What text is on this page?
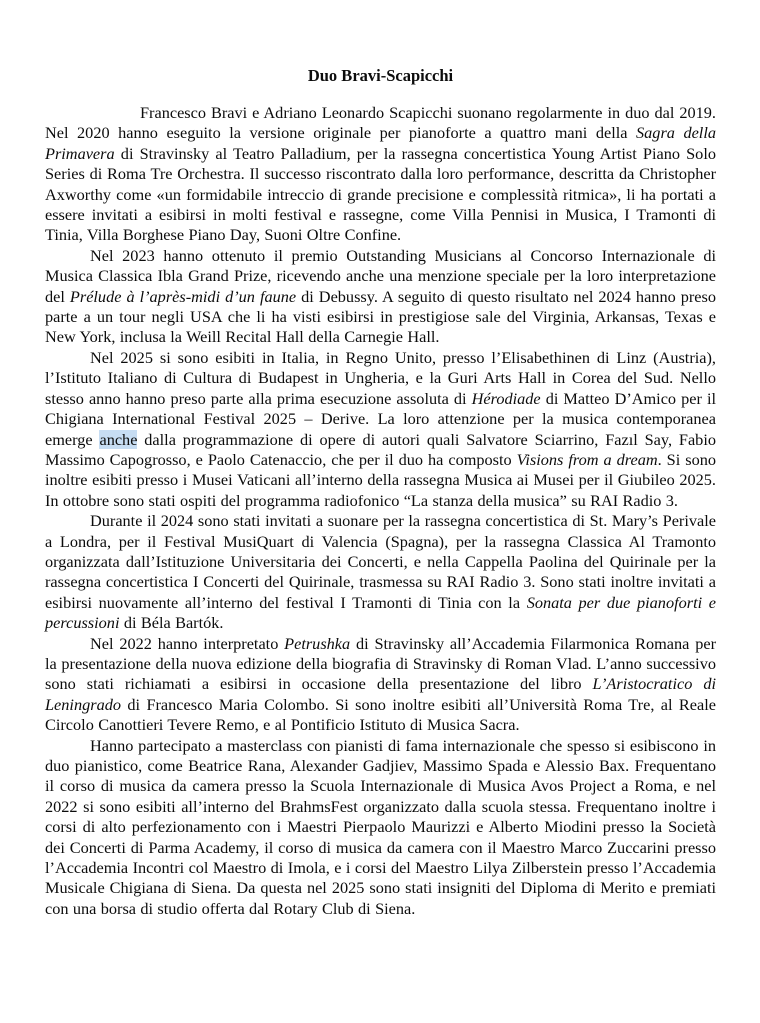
Duo Bravi-Scapicchi

Francesco Bravi e Adriano Leonardo Scapicchi suonano regolarmente in duo dal 2019. Nel 2020 hanno eseguito la versione originale per pianoforte a quattro mani della Sagra della Primavera di Stravinsky al Teatro Palladium, per la rassegna concertistica Young Artist Piano Solo Series di Roma Tre Orchestra. Il successo riscontrato dalla loro performance, descritta da Christopher Axworthy come «un formidabile intreccio di grande precisione e complessità ritmica», li ha portati a essere invitati a esibirsi in molti festival e rassegne, come Villa Pennisi in Musica, I Tramonti di Tinia, Villa Borghese Piano Day, Suoni Oltre Confine.

Nel 2023 hanno ottenuto il premio Outstanding Musicians al Concorso Internazionale di Musica Classica Ibla Grand Prize, ricevendo anche una menzione speciale per la loro interpretazione del Prélude à l’après-midi d’un faune di Debussy. A seguito di questo risultato nel 2024 hanno preso parte a un tour negli USA che li ha visti esibirsi in prestigiose sale del Virginia, Arkansas, Texas e New York, inclusa la Weill Recital Hall della Carnegie Hall.

Nel 2025 si sono esibiti in Italia, in Regno Unito, presso l’Elisabethinen di Linz (Austria), l’Istituto Italiano di Cultura di Budapest in Ungheria, e la Guri Arts Hall in Corea del Sud. Nello stesso anno hanno preso parte alla prima esecuzione assoluta di Hérodiade di Matteo D’Amico per il Chigiana International Festival 2025 – Derive. La loro attenzione per la musica contemporanea emerge anche dalla programmazione di opere di autori quali Salvatore Sciarrino, Fazıl Say, Fabio Massimo Capogrosso, e Paolo Catenaccio, che per il duo ha composto Visions from a dream. Si sono inoltre esibiti presso i Musei Vaticani all’interno della rassegna Musica ai Musei per il Giubileo 2025. In ottobre sono stati ospiti del programma radiofonico “La stanza della musica” su RAI Radio 3.

Durante il 2024 sono stati invitati a suonare per la rassegna concertistica di St. Mary’s Perivale a Londra, per il Festival MusiQuart di Valencia (Spagna), per la rassegna Classica Al Tramonto organizzata dall’Istituzione Universitaria dei Concerti, e nella Cappella Paolina del Quirinale per la rassegna concertistica I Concerti del Quirinale, trasmessa su RAI Radio 3. Sono stati inoltre invitati a esibirsi nuovamente all’interno del festival I Tramonti di Tinia con la Sonata per due pianoforti e percussioni di Béla Bartók.

Nel 2022 hanno interpretato Petrushka di Stravinsky all’Accademia Filarmonica Romana per la presentazione della nuova edizione della biografia di Stravinsky di Roman Vlad. L’anno successivo sono stati richiamati a esibirsi in occasione della presentazione del libro L’Aristocratico di Leningrado di Francesco Maria Colombo. Si sono inoltre esibiti all’Università Roma Tre, al Reale Circolo Canottieri Tevere Remo, e al Pontificio Istituto di Musica Sacra.

Hanno partecipato a masterclass con pianisti di fama internazionale che spesso si esibiscono in duo pianistico, come Beatrice Rana, Alexander Gadjiev, Massimo Spada e Alessio Bax. Frequentano il corso di musica da camera presso la Scuola Internazionale di Musica Avos Project a Roma, e nel 2022 si sono esibiti all’interno del BrahmsFest organizzato dalla scuola stessa. Frequentano inoltre i corsi di alto perfezionamento con i Maestri Pierpaolo Maurizzi e Alberto Miodini presso la Società dei Concerti di Parma Academy, il corso di musica da camera con il Maestro Marco Zuccarini presso l’Accademia Incontri col Maestro di Imola, e i corsi del Maestro Lilya Zilberstein presso l’Accademia Musicale Chigiana di Siena. Da questa nel 2025 sono stati insigniti del Diploma di Merito e premiati con una borsa di studio offerta dal Rotary Club di Siena.
